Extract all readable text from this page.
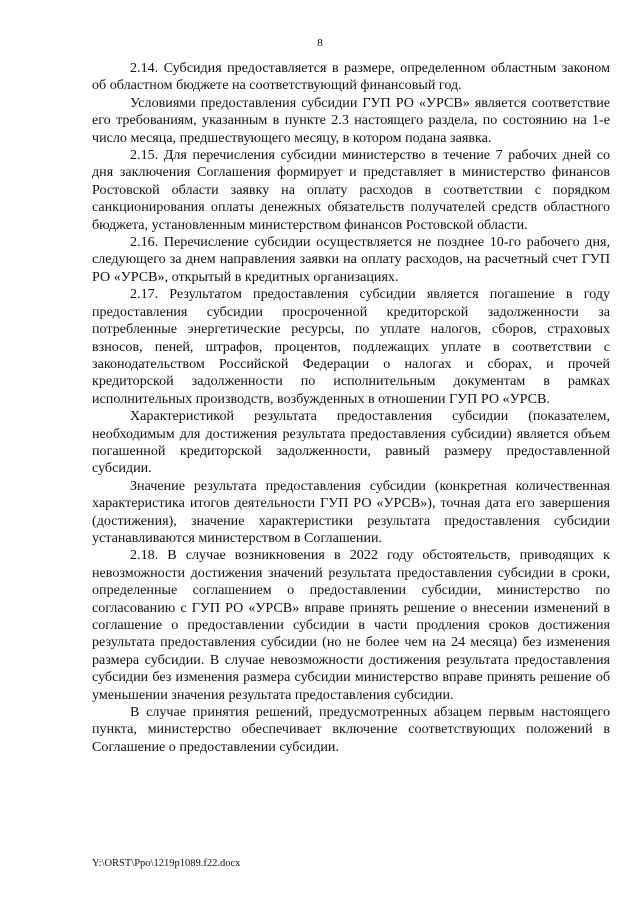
8

2.14. Субсидия предоставляется в размере, определенном областным законом об областном бюджете на соответствующий финансовый год.

Условиями предоставления субсидии ГУП РО «УРСВ» является соответствие его требованиям, указанным в пункте 2.3 настоящего раздела, по состоянию на 1-е число месяца, предшествующего месяцу, в котором подана заявка.

2.15. Для перечисления субсидии министерство в течение 7 рабочих дней со дня заключения Соглашения формирует и представляет в министерство финансов Ростовской области заявку на оплату расходов в соответствии с порядком санкционирования оплаты денежных обязательств получателей средств областного бюджета, установленным министерством финансов Ростовской области.

2.16. Перечисление субсидии осуществляется не позднее 10-го рабочего дня, следующего за днем направления заявки на оплату расходов, на расчетный счет ГУП РО «УРСВ», открытый в кредитных организациях.

2.17. Результатом предоставления субсидии является погашение в году предоставления субсидии просроченной кредиторской задолженности за потребленные энергетические ресурсы, по уплате налогов, сборов, страховых взносов, пеней, штрафов, процентов, подлежащих уплате в соответствии с законодательством Российской Федерации о налогах и сборах, и прочей кредиторской задолженности по исполнительным документам в рамках исполнительных производств, возбужденных в отношении ГУП РО «УРСВ.

Характеристикой результата предоставления субсидии (показателем, необходимым для достижения результата предоставления субсидии) является объем погашенной кредиторской задолженности, равный размеру предоставленной субсидии.

Значение результата предоставления субсидии (конкретная количественная характеристика итогов деятельности ГУП РО «УРСВ»), точная дата его завершения (достижения), значение характеристики результата предоставления субсидии устанавливаются министерством в Соглашении.

2.18. В случае возникновения в 2022 году обстоятельств, приводящих к невозможности достижения значений результата предоставления субсидии в сроки, определенные соглашением о предоставлении субсидии, министерство по согласованию с ГУП РО «УРСВ» вправе принять решение о внесении изменений в соглашение о предоставлении субсидии в части продления сроков достижения результата предоставления субсидии (но не более чем на 24 месяца) без изменения размера субсидии. В случае невозможности достижения результата предоставления субсидии без изменения размера субсидии министерство вправе принять решение об уменьшении значения результата предоставления субсидии.

В случае принятия решений, предусмотренных абзацем первым настоящего пункта, министерство обеспечивает включение соответствующих положений в Соглашение о предоставлении субсидии.

Y:\ORST\Ppo\1219p1089.f22.docx
